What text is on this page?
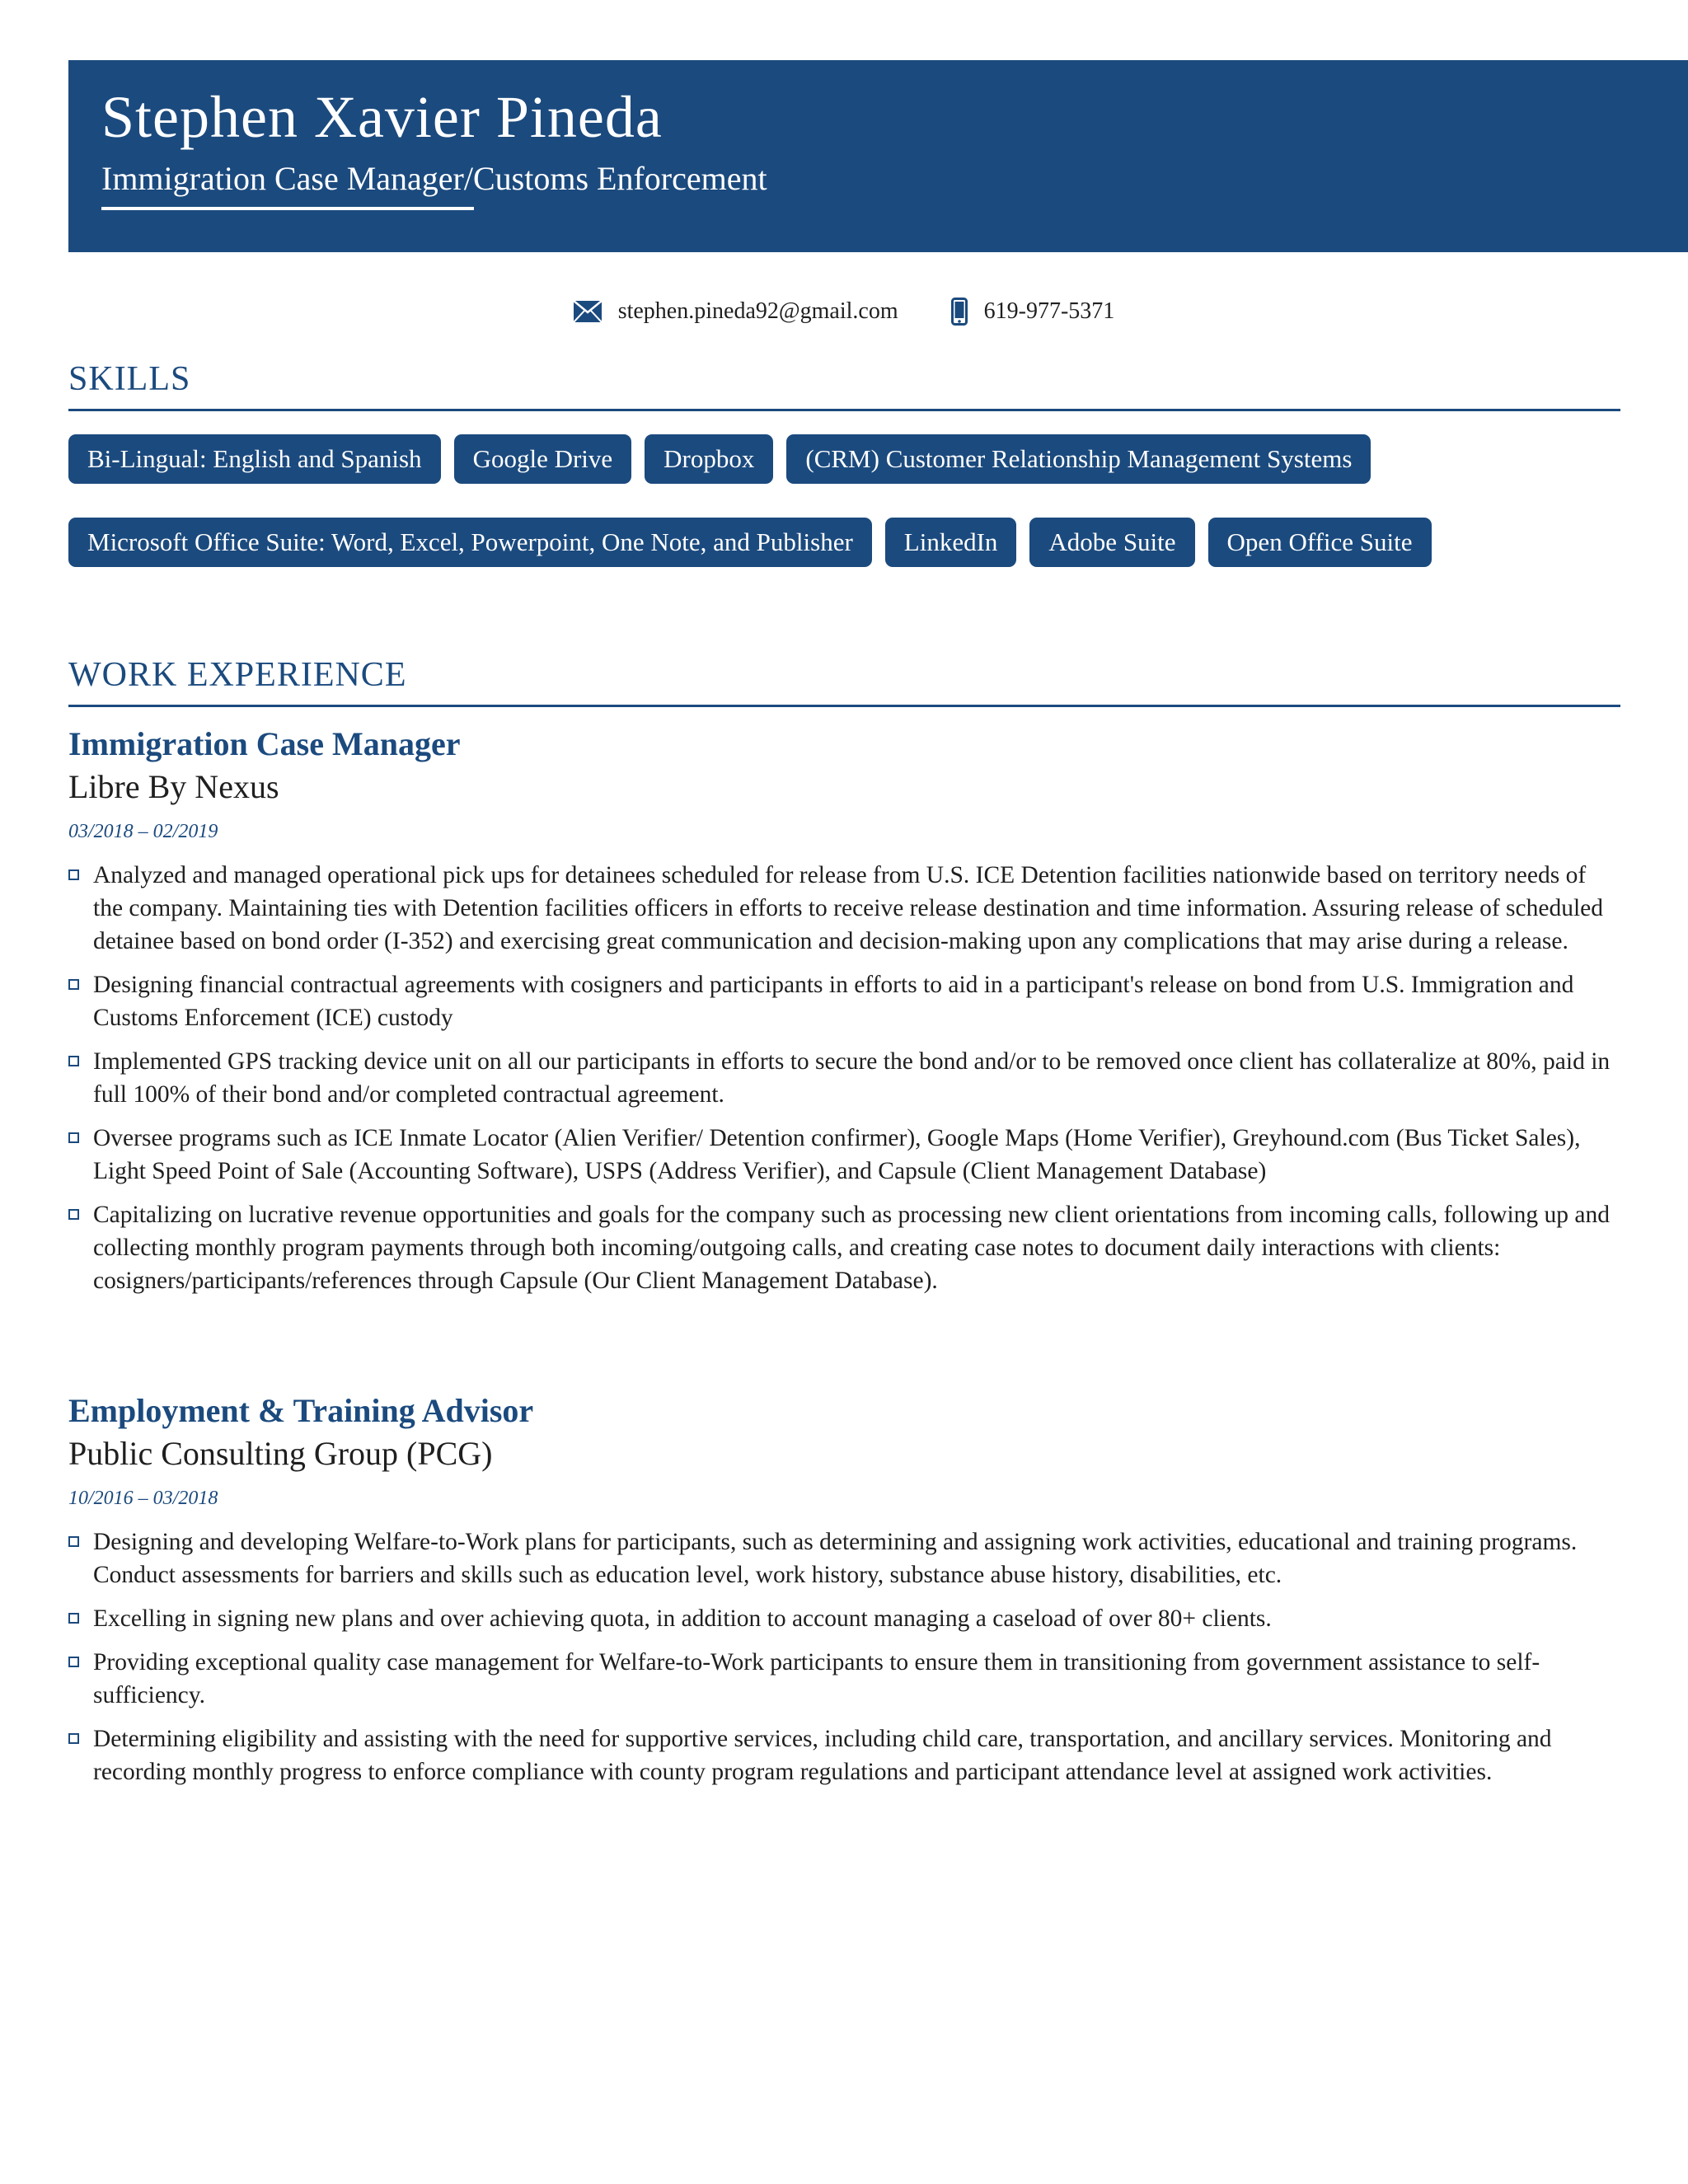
Stephen Xavier Pineda
Immigration Case Manager/Customs Enforcement
stephen.pineda92@gmail.com	619-977-5371
SKILLS
Bi-Lingual: English and Spanish	Google Drive	Dropbox	(CRM) Customer Relationship Management Systems
Microsoft Office Suite: Word, Excel, Powerpoint, One Note, and Publisher	LinkedIn	Adobe Suite	Open Office Suite
WORK EXPERIENCE
Immigration Case Manager
Libre By Nexus
03/2018 – 02/2019
Analyzed and managed operational pick ups for detainees scheduled for release from U.S. ICE Detention facilities nationwide based on territory needs of the company. Maintaining ties with Detention facilities officers in efforts to receive release destination and time information. Assuring release of scheduled detainee based on bond order (I-352) and exercising great communication and decision-making upon any complications that may arise during a release.
Designing financial contractual agreements with cosigners and participants in efforts to aid in a participant's release on bond from U.S. Immigration and Customs Enforcement (ICE) custody
Implemented GPS tracking device unit on all our participants in efforts to secure the bond and/or to be removed once client has collateralize at 80%, paid in full 100% of their bond and/or completed contractual agreement.
Oversee programs such as ICE Inmate Locator (Alien Verifier/ Detention confirmer), Google Maps (Home Verifier), Greyhound.com (Bus Ticket Sales), Light Speed Point of Sale (Accounting Software), USPS (Address Verifier), and Capsule (Client Management Database)
Capitalizing on lucrative revenue opportunities and goals for the company such as processing new client orientations from incoming calls, following up and collecting monthly program payments through both incoming/outgoing calls, and creating case notes to document daily interactions with clients: cosigners/participants/references through Capsule (Our Client Management Database).
Employment & Training Advisor
Public Consulting Group (PCG)
10/2016 – 03/2018
Designing and developing Welfare-to-Work plans for participants, such as determining and assigning work activities, educational and training programs. Conduct assessments for barriers and skills such as education level, work history, substance abuse history, disabilities, etc.
Excelling in signing new plans and over achieving quota, in addition to account managing a caseload of over 80+ clients.
Providing exceptional quality case management for Welfare-to-Work participants to ensure them in transitioning from government assistance to self-sufficiency.
Determining eligibility and assisting with the need for supportive services, including child care, transportation, and ancillary services. Monitoring and recording monthly progress to enforce compliance with county program regulations and participant attendance level at assigned work activities.
